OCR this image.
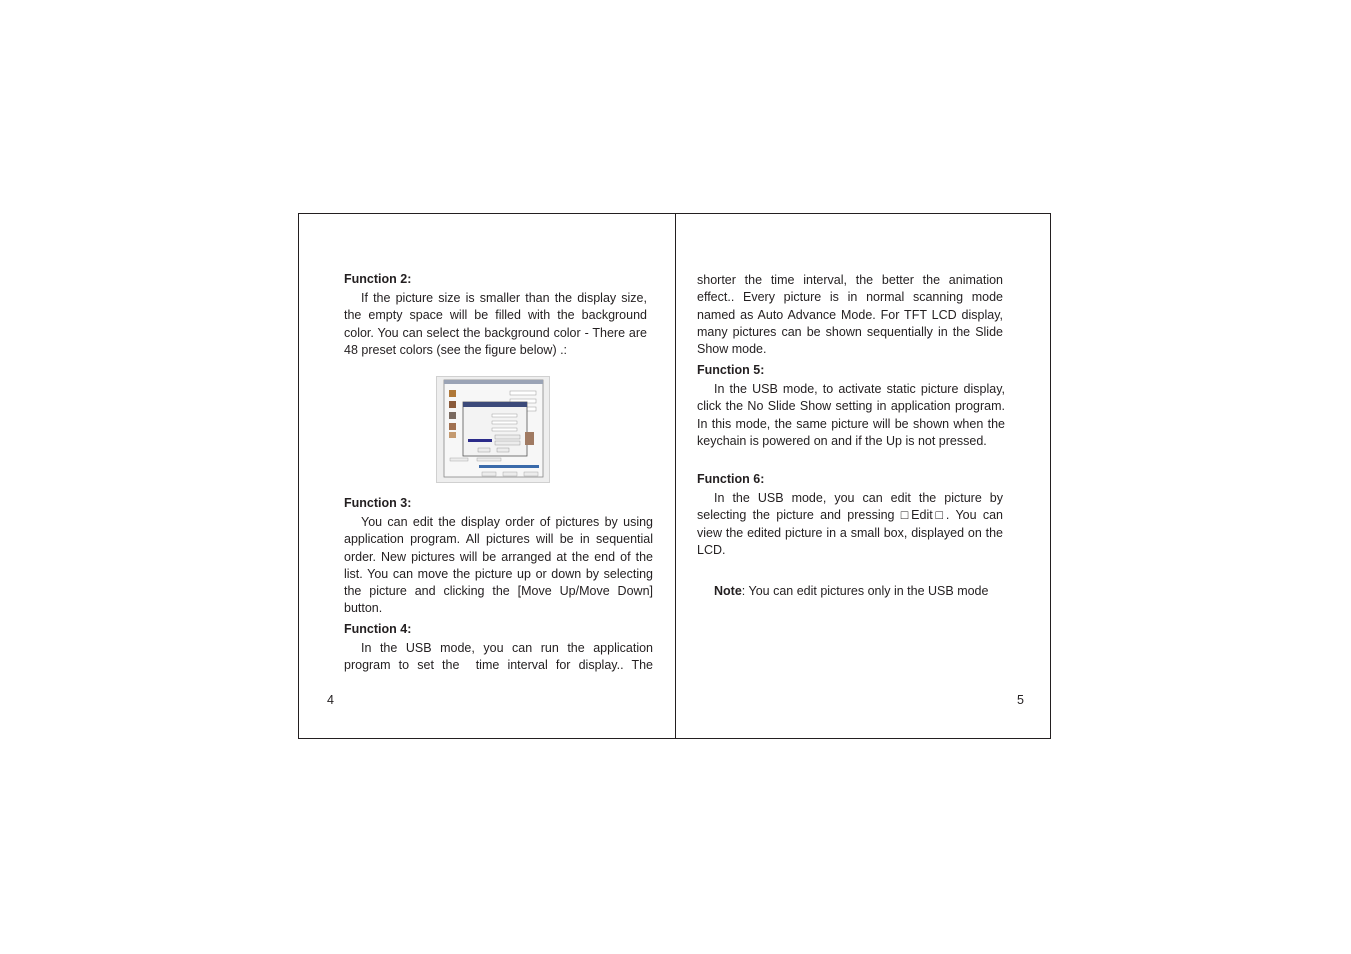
Function 2:

If the picture size is smaller than the display size, the empty space will be filled with the background color. You can select the background color - There are 48 preset colors (see the figure below) .:

Function 3:

You can edit the display order of pictures by using application program. All pictures will be in sequential order. New pictures will be arranged at the end of the list. You can move the picture up or down by selecting the picture and clicking the [Move Up/Move Down] button.

Function 4:

In the USB mode, you can run the application program to set the  time interval for display.. The

4

shorter the time interval, the better the animation effect.. Every picture is in normal scanning mode named as Auto Advance Mode. For TFT LCD display, many pictures can be shown sequentially in the Slide Show mode.

Function 5:

In the USB mode, to activate static picture display, click the No Slide Show setting in application program. In this mode, the same picture will be shown when the keychain is powered on and if the Up is not pressed.

Function 6:

In the USB mode, you can edit the picture by selecting the picture and pressing □Edit□. You can view the edited picture in a small box, displayed on the LCD.

Note: You can edit pictures only in the USB mode

5
